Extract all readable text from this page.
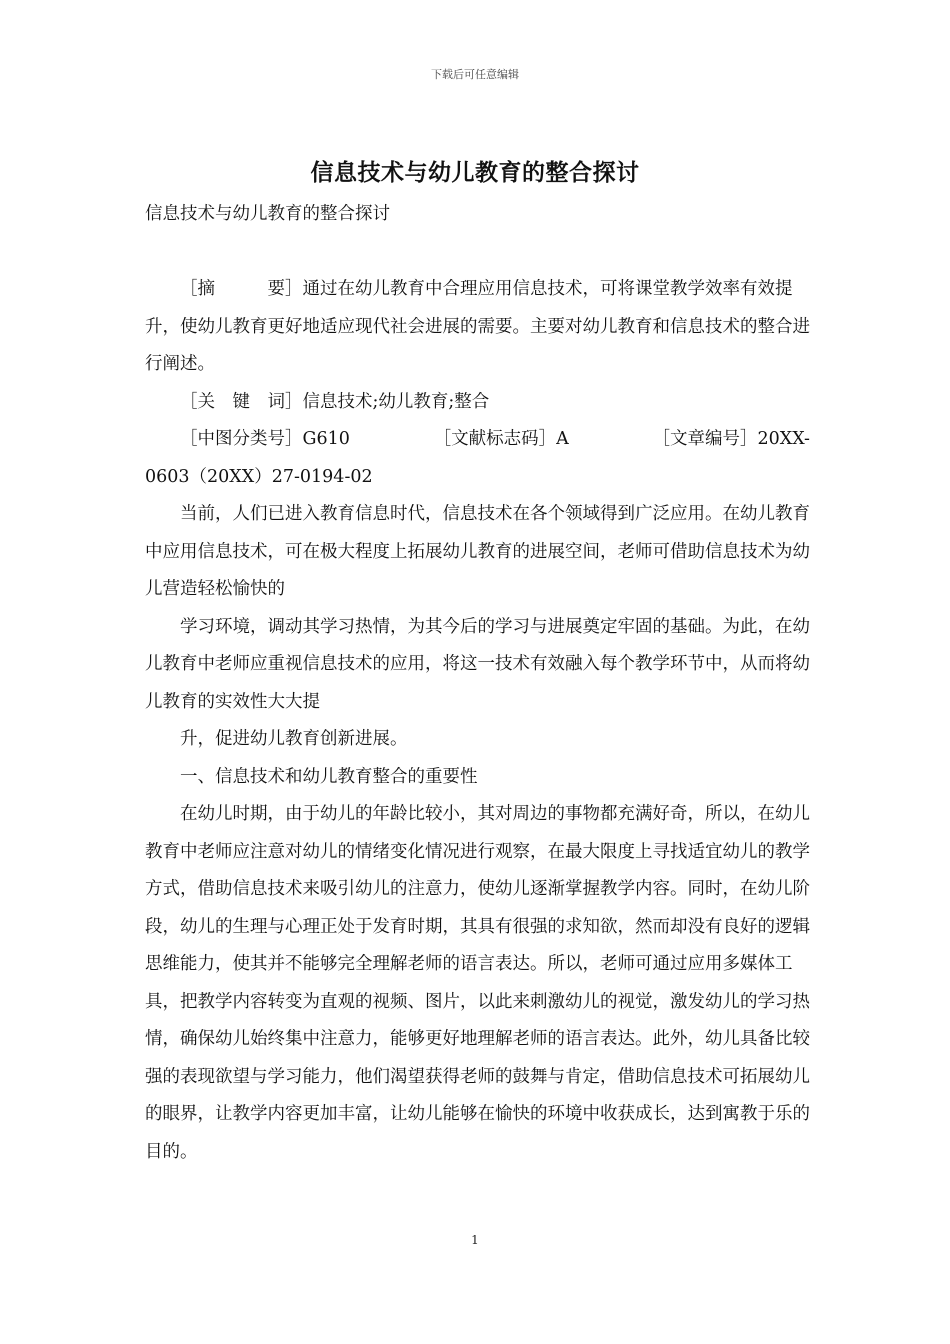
下载后可任意编辑
信息技术与幼儿教育的整合探讨

信息技术与幼儿教育的整合探讨

［摘　　　要］通过在幼儿教育中合理应用信息技术，可将课堂教学效率有效提升，使幼儿教育更好地适应现代社会进展的需要。主要对幼儿教育和信息技术的整合进行阐述。

［关　键　词］信息技术;幼儿教育;整合

［中图分类号］G610	［文献标志码］A	［文章编号］20XX-

0603（20XX）27-0194-02

当前，人们已进入教育信息时代，信息技术在各个领域得到广泛应用。在幼儿教育中应用信息技术，可在极大程度上拓展幼儿教育的进展空间，老师可借助信息技术为幼儿营造轻松愉快的

学习环境，调动其学习热情，为其今后的学习与进展奠定牢固的基础。为此，在幼儿教育中老师应重视信息技术的应用，将这一技术有效融入每个教学环节中，从而将幼儿教育的实效性大大提

升，促进幼儿教育创新进展。

一、信息技术和幼儿教育整合的重要性

在幼儿时期，由于幼儿的年龄比较小，其对周边的事物都充满好奇，所以，在幼儿教育中老师应注意对幼儿的情绪变化情况进行观察，在最大限度上寻找适宜幼儿的教学方式，借助信息技术来吸引幼儿的注意力，使幼儿逐渐掌握教学内容。同时，在幼儿阶段，幼儿的生理与心理正处于发育时期，其具有很强的求知欲，然而却没有良好的逻辑思维能力，使其并不能够完全理解老师的语言表达。所以，老师可通过应用多媒体工具，把教学内容转变为直观的视频、图片，以此来刺激幼儿的视觉，激发幼儿的学习热情，确保幼儿始终集中注意力，能够更好地理解老师的语言表达。此外，幼儿具备比较强的表现欲望与学习能力，他们渴望获得老师的鼓舞与肯定，借助信息技术可拓展幼儿的眼界，让教学内容更加丰富，让幼儿能够在愉快的环境中收获成长，达到寓教于乐的目的。

1
